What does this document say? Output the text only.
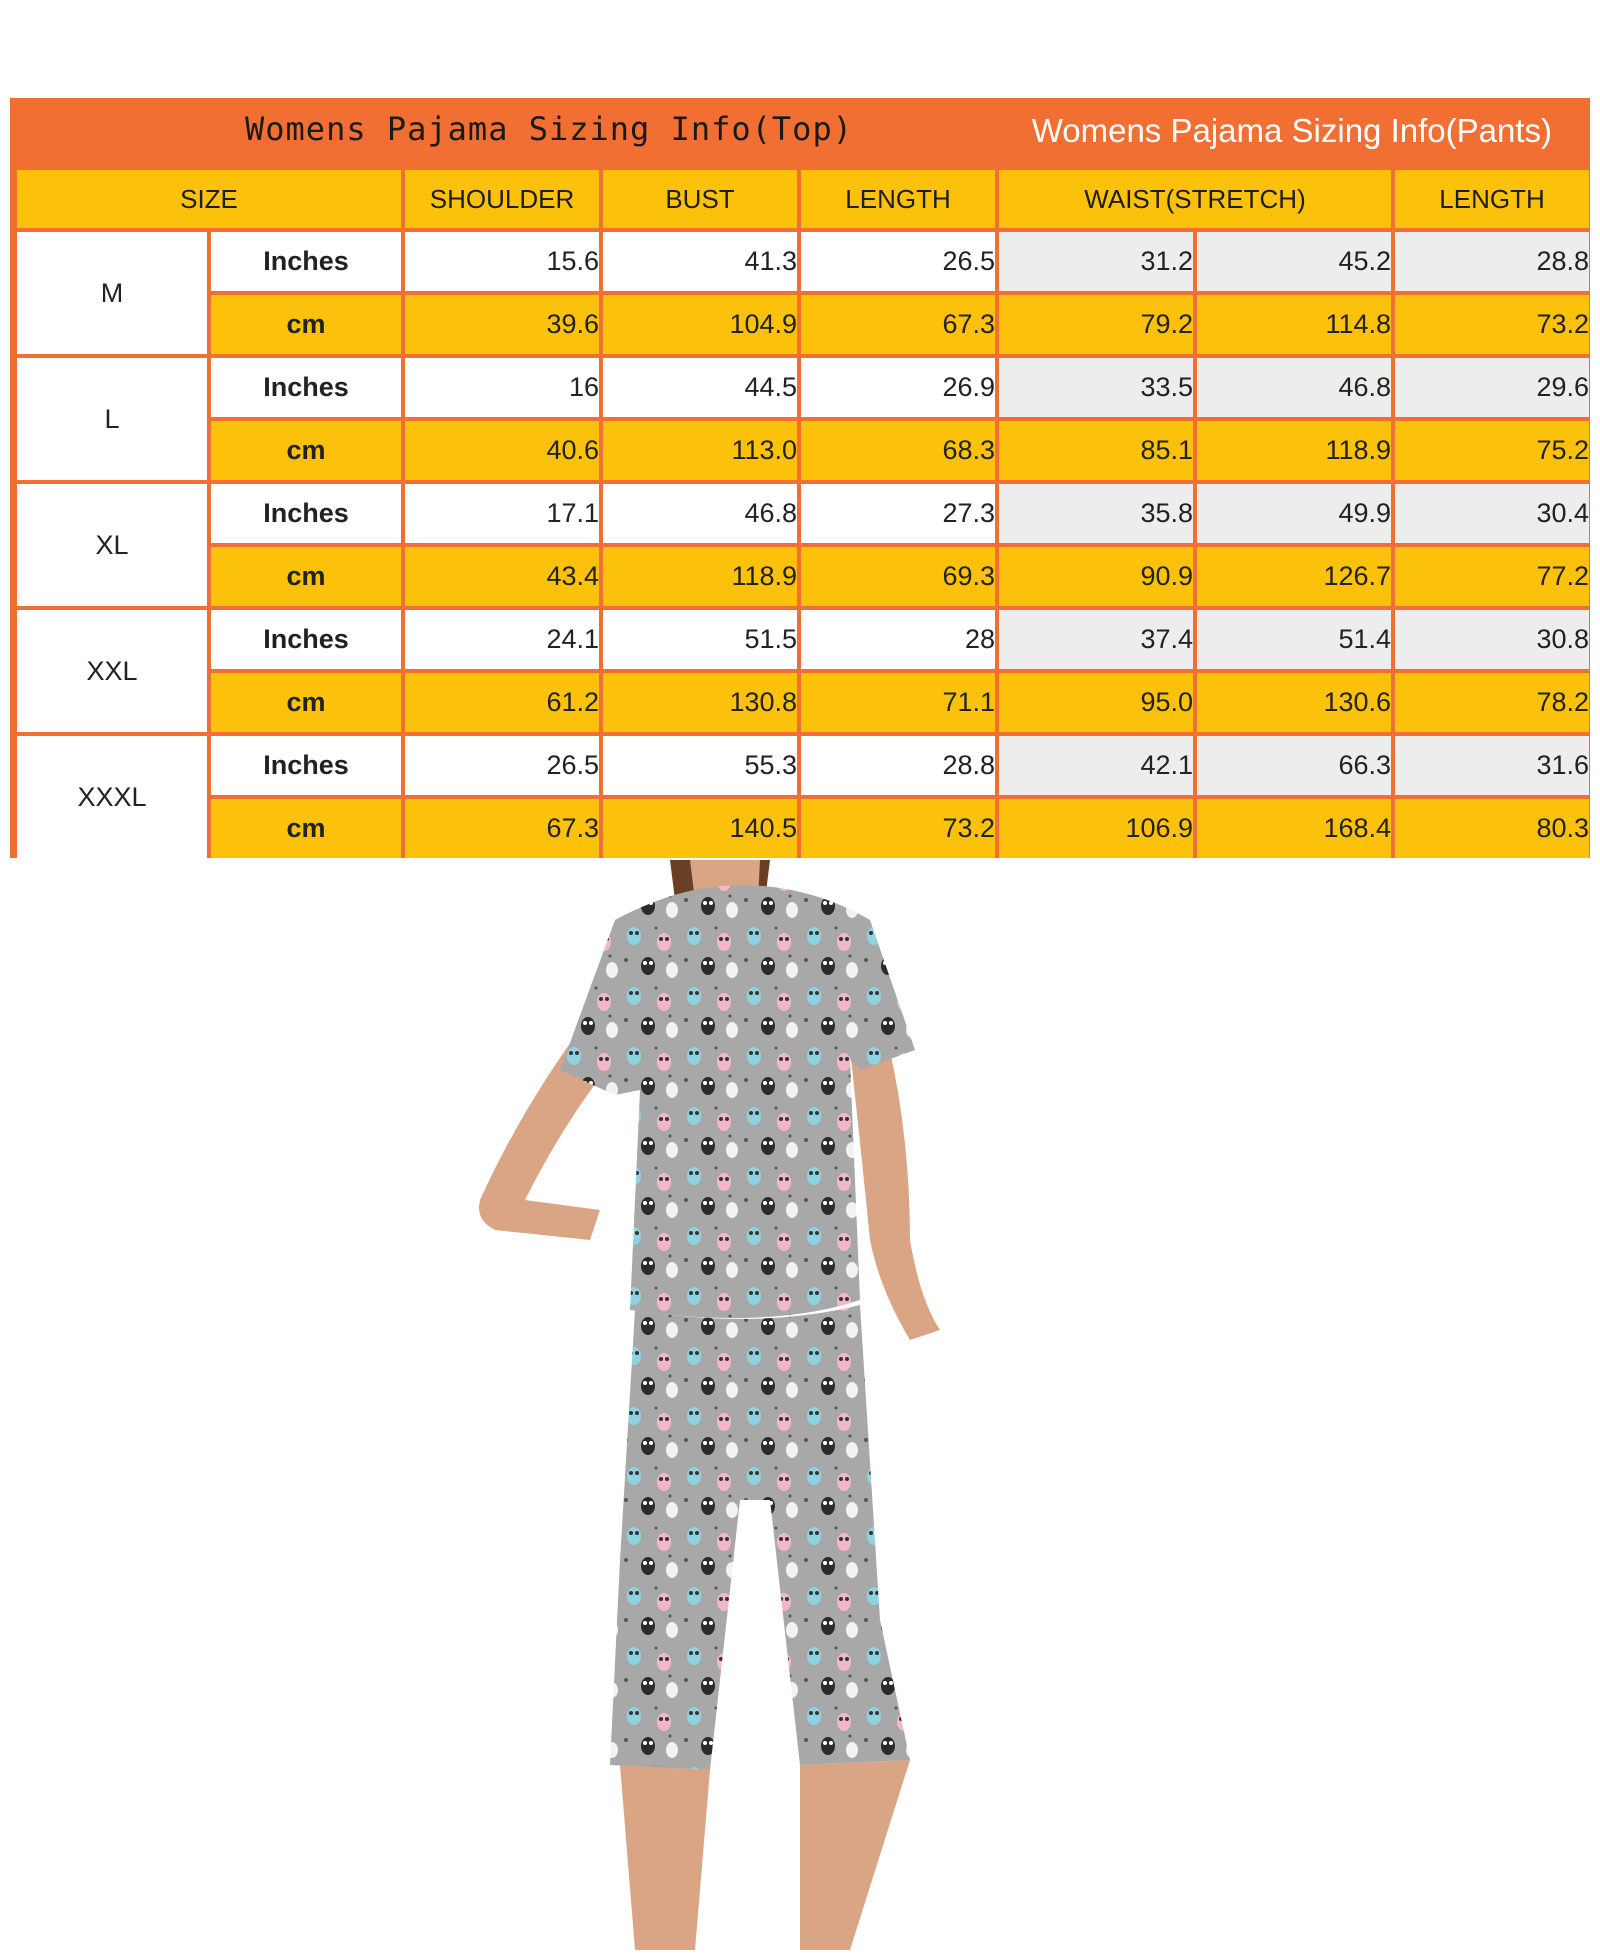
Womens Pajama Sizing Info(Top)	Womens Pajama Sizing Info(Pants)
SIZE		SHOULDER	BUST	LENGTH	WAIST(STRETCH)		LENGTH
M	Inches	15.6	41.3	26.5	31.2	45.2	28.8
	cm	39.6	104.9	67.3	79.2	114.8	73.2
L	Inches	16	44.5	26.9	33.5	46.8	29.6
	cm	40.6	113.0	68.3	85.1	118.9	75.2
XL	Inches	17.1	46.8	27.3	35.8	49.9	30.4
	cm	43.4	118.9	69.3	90.9	126.7	77.2
XXL	Inches	24.1	51.5	28	37.4	51.4	30.8
	cm	61.2	130.8	71.1	95.0	130.6	78.2
XXXL	Inches	26.5	55.3	28.8	42.1	66.3	31.6
	cm	67.3	140.5	73.2	106.9	168.4	80.3
